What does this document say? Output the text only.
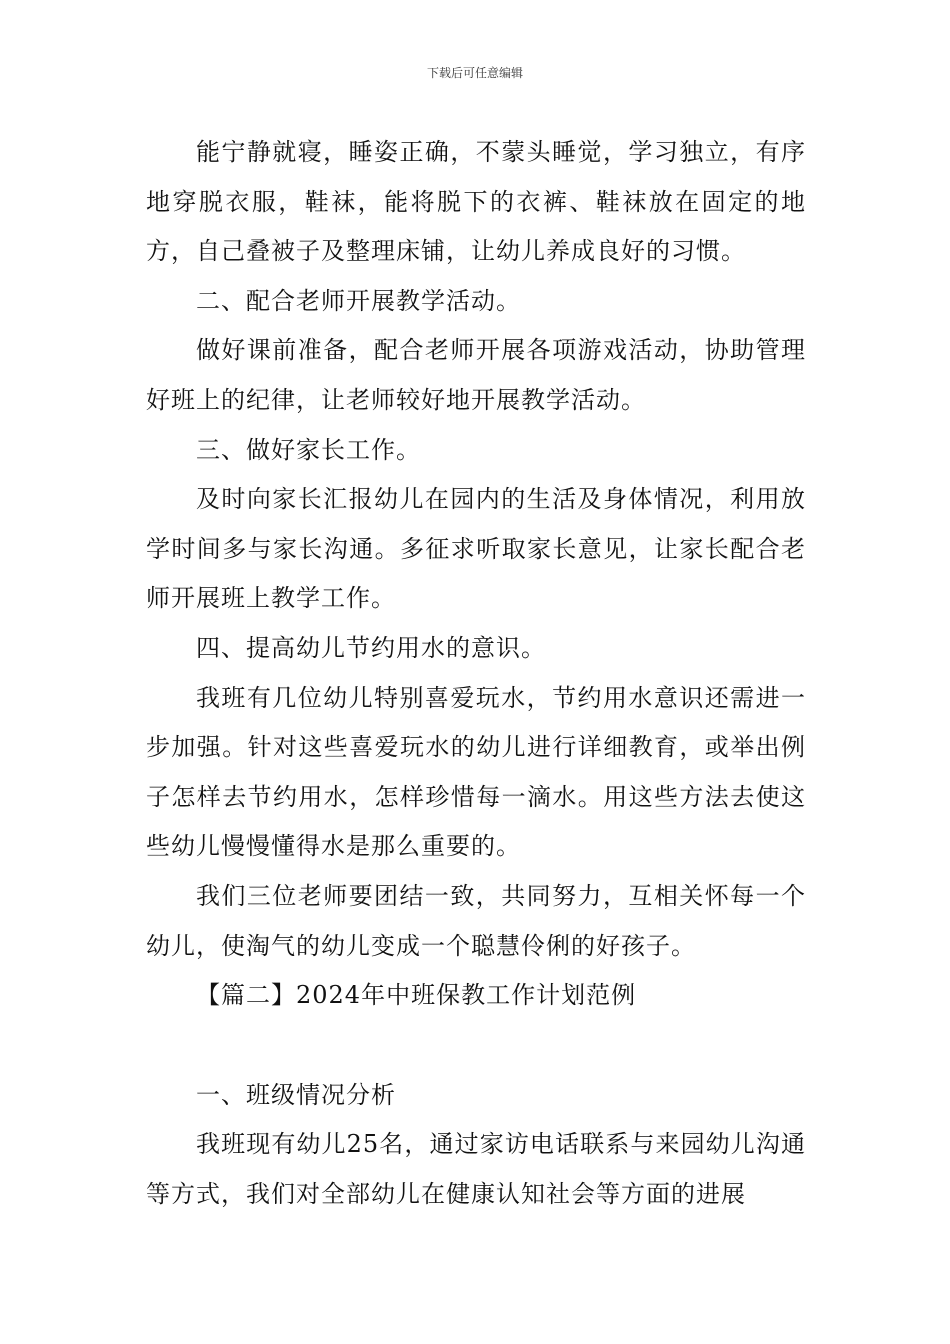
下载后可任意编辑

能宁静就寝，睡姿正确，不蒙头睡觉，学习独立，有序地穿脱衣服，鞋袜，能将脱下的衣裤、鞋袜放在固定的地方，自己叠被子及整理床铺，让幼儿养成良好的习惯。

二、配合老师开展教学活动。

做好课前准备，配合老师开展各项游戏活动，协助管理好班上的纪律，让老师较好地开展教学活动。

三、做好家长工作。

及时向家长汇报幼儿在园内的生活及身体情况，利用放学时间多与家长沟通。多征求听取家长意见，让家长配合老师开展班上教学工作。

四、提高幼儿节约用水的意识。

我班有几位幼儿特别喜爱玩水，节约用水意识还需进一步加强。针对这些喜爱玩水的幼儿进行详细教育，或举出例子怎样去节约用水，怎样珍惜每一滴水。用这些方法去使这些幼儿慢慢懂得水是那么重要的。

我们三位老师要团结一致，共同努力，互相关怀每一个幼儿，使淘气的幼儿变成一个聪慧伶俐的好孩子。

【篇二】2024年中班保教工作计划范例

一、班级情况分析

我班现有幼儿25名，通过家访电话联系与来园幼儿沟通等方式，我们对全部幼儿在健康认知社会等方面的进展
